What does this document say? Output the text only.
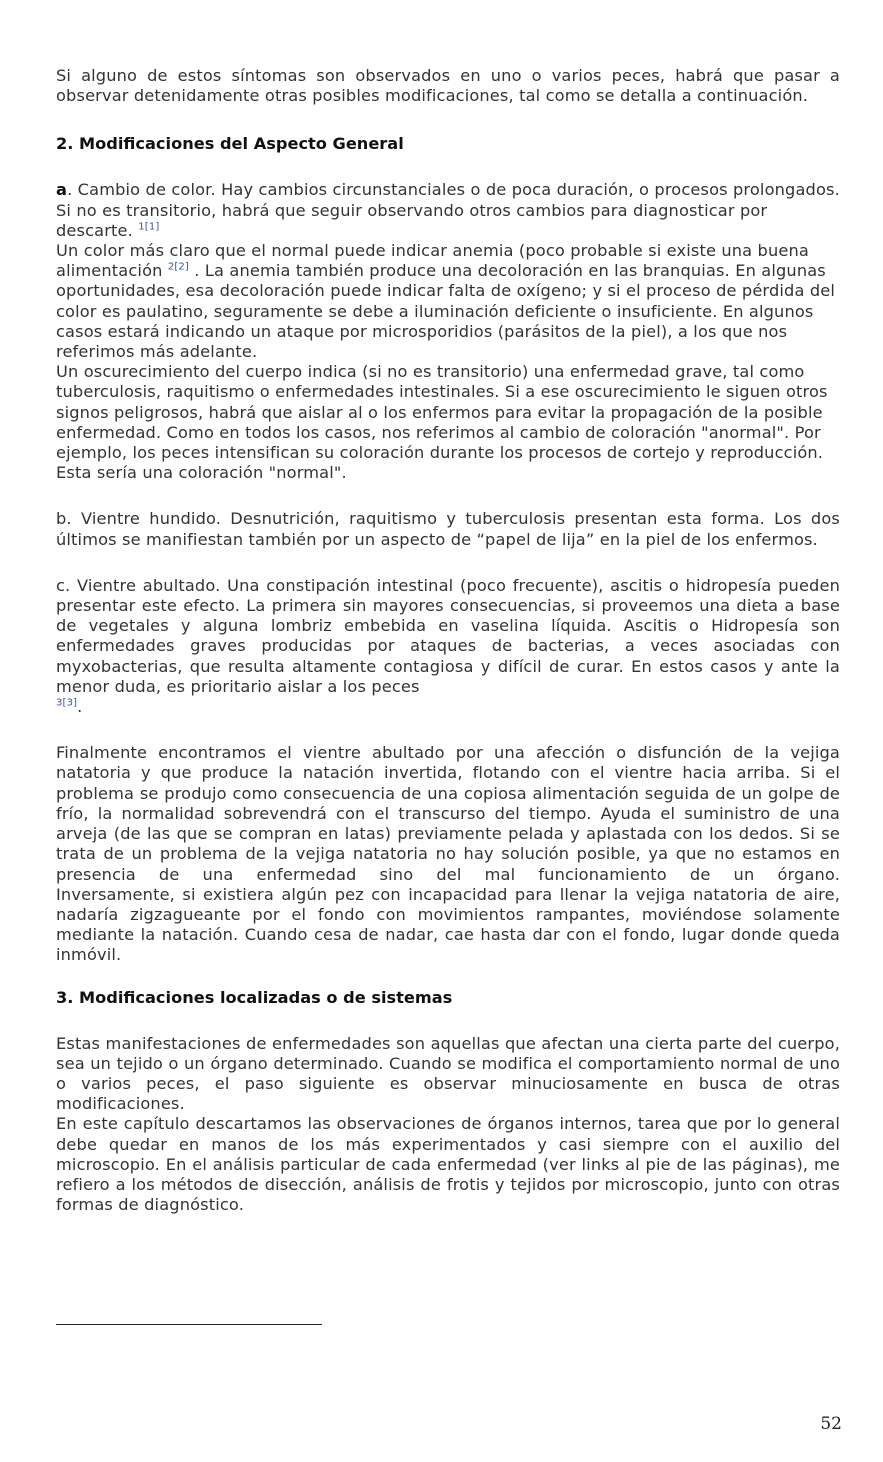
Si alguno de estos síntomas son observados en uno o varios peces, habrá que pasar a observar detenidamente otras posibles modificaciones, tal como se detalla a continuación.

2. Modificaciones del Aspecto General

a. Cambio de color. Hay cambios circunstanciales o de poca duración, o procesos prolongados. Si no es transitorio, habrá que seguir observando otros cambios para diagnosticar por descarte. $^{1[1]}$

Un color más claro que el normal puede indicar anemia (poco probable si existe una buena alimentación $^{2[2]}$ . La anemia también produce una decoloración en las branquias. En algunas oportunidades, esa decoloración puede indicar falta de oxígeno; y si el proceso de pérdida del color es paulatino, seguramente se debe a iluminación deficiente o insuficiente. En algunos casos estará indicando un ataque por microsporidios (parásitos de la piel), a los que nos referimos más adelante.

Un oscurecimiento del cuerpo indica (si no es transitorio) una enfermedad grave, tal como tuberculosis, raquitismo o enfermedades intestinales. Si a ese oscurecimiento le siguen otros signos peligrosos, habrá que aislar al o los enfermos para evitar la propagación de la posible enfermedad. Como en todos los casos, nos referimos al cambio de coloración "anormal". Por ejemplo, los peces intensifican su coloración durante los procesos de cortejo y reproducción. Esta sería una coloración "normal".

b. Vientre hundido. Desnutrición, raquitismo y tuberculosis presentan esta forma. Los dos últimos se manifiestan también por un aspecto de “papel de lija” en la piel de los enfermos.

c. Vientre abultado. Una constipación intestinal (poco frecuente), ascitis o hidropesía pueden presentar este efecto. La primera sin mayores consecuencias, si proveemos una dieta a base de vegetales y alguna lombriz embebida en vaselina líquida. Ascitis o Hidropesía son enfermedades graves producidas por ataques de bacterias, a veces asociadas con myxobacterias, que resulta altamente contagiosa y difícil de curar. En estos casos y ante la menor duda, es prioritario aislar a los peces
$^{3[3]}$.

Finalmente encontramos el vientre abultado por una afección o disfunción de la vejiga natatoria y que produce la natación invertida, flotando con el vientre hacia arriba. Si el problema se produjo como consecuencia de una copiosa alimentación seguida de un golpe de frío, la normalidad sobrevendrá con el transcurso del tiempo. Ayuda el suministro de una arveja (de las que se compran en latas) previamente pelada y aplastada con los dedos. Si se trata de un problema de la vejiga natatoria no hay solución posible, ya que no estamos en presencia de una enfermedad sino del mal funcionamiento de un órgano.

Inversamente, si existiera algún pez con incapacidad para llenar la vejiga natatoria de aire, nadaría zigzagueante por el fondo con movimientos rampantes, moviéndose solamente mediante la natación. Cuando cesa de nadar, cae hasta dar con el fondo, lugar donde queda inmóvil.

3. Modificaciones localizadas o de sistemas

Estas manifestaciones de enfermedades son aquellas que afectan una cierta parte del cuerpo, sea un tejido o un órgano determinado. Cuando se modifica el comportamiento normal de uno o varios peces, el paso siguiente es observar minuciosamente en busca de otras modificaciones.

En este capítulo descartamos las observaciones de órganos internos, tarea que por lo general debe quedar en manos de los más experimentados y casi siempre con el auxilio del microscopio. En el análisis particular de cada enfermedad (ver links al pie de las páginas), me refiero a los métodos de disección, análisis de frotis y tejidos por microscopio, junto con otras formas de diagnóstico.

52
